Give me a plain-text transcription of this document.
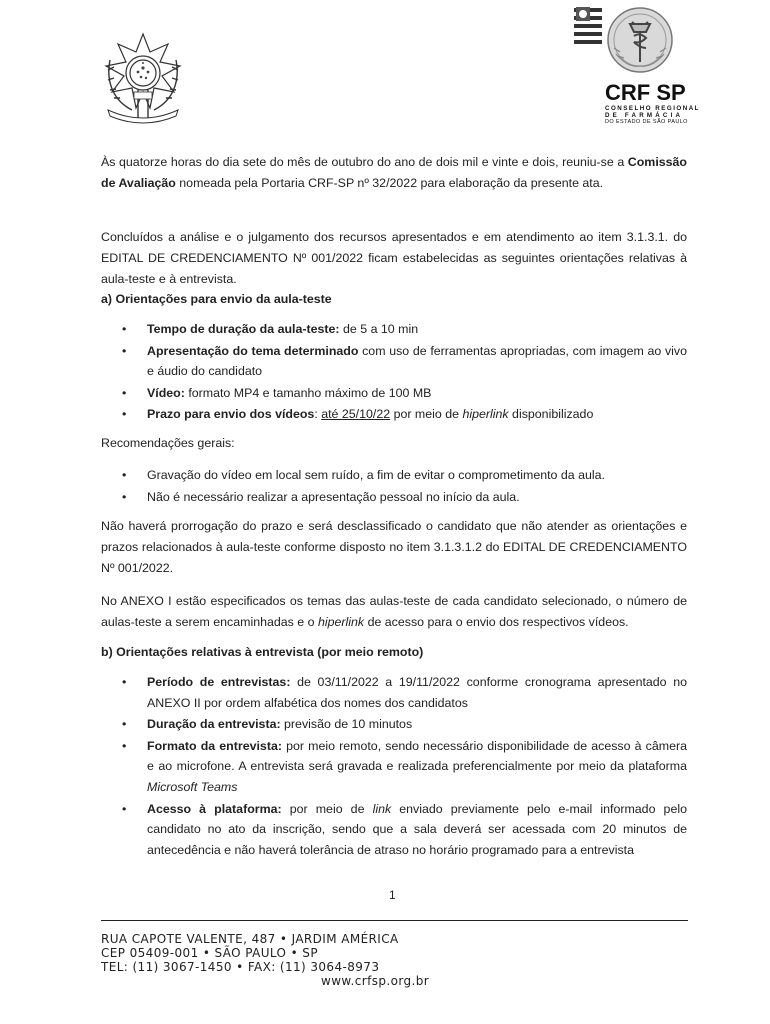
CRF SP
CONSELHO REGIONAL
DE FARMÁCIA
DO ESTADO DE SÃO PAULO
Às quatorze horas do dia sete do mês de outubro do ano de dois mil e vinte e dois, reuniu-se a Comissão de Avaliação nomeada pela Portaria CRF-SP nº 32/2022 para elaboração da presente ata.
Concluídos a análise e o julgamento dos recursos apresentados e em atendimento ao item 3.1.3.1. do EDITAL DE CREDENCIAMENTO Nº 001/2022 ficam estabelecidas as seguintes orientações relativas à aula-teste e à entrevista.
a) Orientações para envio da aula-teste
• Tempo de duração da aula-teste: de 5 a 10 min
• Apresentação do tema determinado com uso de ferramentas apropriadas, com imagem ao vivo e áudio do candidato
• Vídeo: formato MP4 e tamanho máximo de 100 MB
• Prazo para envio dos vídeos: até 25/10/22 por meio de hiperlink disponibilizado
Recomendações gerais:
• Gravação do vídeo em local sem ruído, a fim de evitar o comprometimento da aula.
• Não é necessário realizar a apresentação pessoal no início da aula.
Não haverá prorrogação do prazo e será desclassificado o candidato que não atender as orientações e prazos relacionados à aula-teste conforme disposto no item 3.1.3.1.2 do EDITAL DE CREDENCIAMENTO Nº 001/2022.
No ANEXO I estão especificados os temas das aulas-teste de cada candidato selecionado, o número de aulas-teste a serem encaminhadas e o hiperlink de acesso para o envio dos respectivos vídeos.
b) Orientações relativas à entrevista (por meio remoto)
• Período de entrevistas: de 03/11/2022 a 19/11/2022 conforme cronograma apresentado no ANEXO II por ordem alfabética dos nomes dos candidatos
• Duração da entrevista: previsão de 10 minutos
• Formato da entrevista: por meio remoto, sendo necessário disponibilidade de acesso à câmera e ao microfone. A entrevista será gravada e realizada preferencialmente por meio da plataforma Microsoft Teams
• Acesso à plataforma: por meio de link enviado previamente pelo e-mail informado pelo candidato no ato da inscrição, sendo que a sala deverá ser acessada com 20 minutos de antecedência e não haverá tolerância de atraso no horário programado para a entrevista
1
RUA CAPOTE VALENTE, 487 • JARDIM AMÉRICA
CEP 05409-001 • SÃO PAULO • SP
TEL: (11) 3067-1450 • FAX: (11) 3064-8973
www.crfsp.org.br
